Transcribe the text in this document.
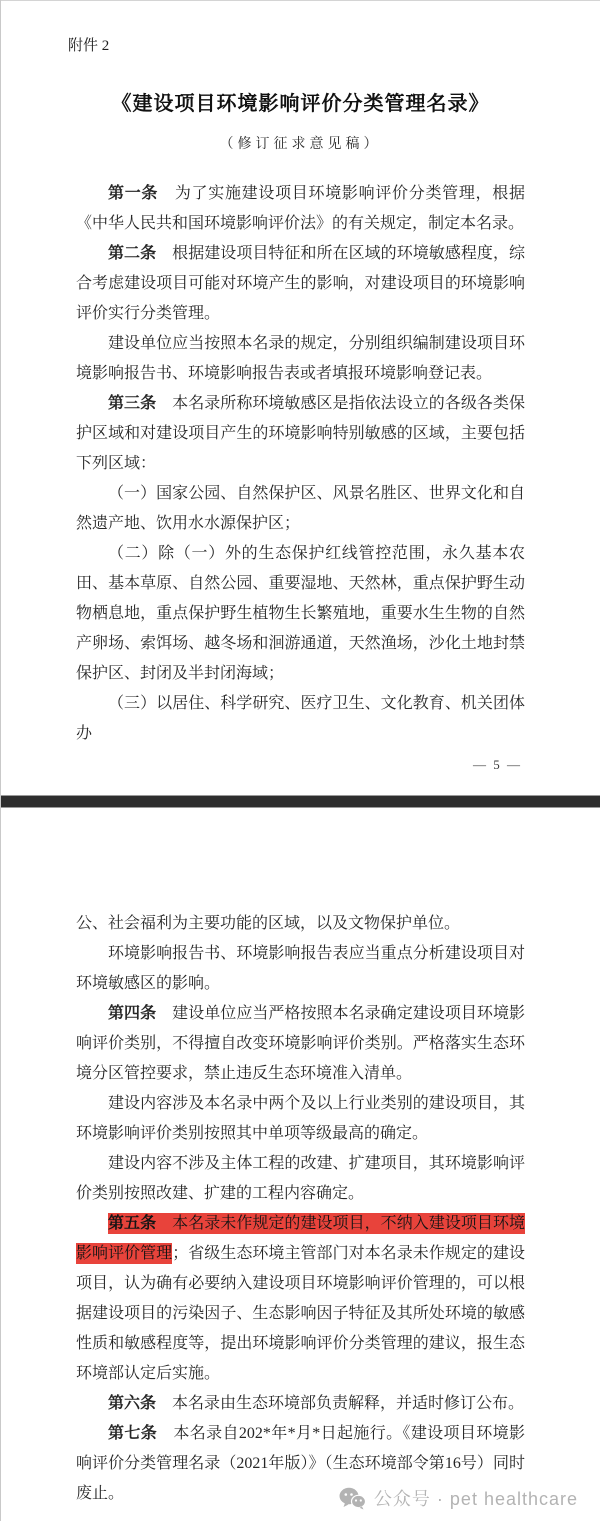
附件 2
《建设项目环境影响评价分类管理名录》
（修订征求意见稿）

第一条　为了实施建设项目环境影响评价分类管理，根据《中华人民共和国环境影响评价法》的有关规定，制定本名录。

第二条　根据建设项目特征和所在区域的环境敏感程度，综合考虑建设项目可能对环境产生的影响，对建设项目的环境影响评价实行分类管理。

建设单位应当按照本名录的规定，分别组织编制建设项目环境影响报告书、环境影响报告表或者填报环境影响登记表。

第三条　本名录所称环境敏感区是指依法设立的各级各类保护区域和对建设项目产生的环境影响特别敏感的区域，主要包括下列区域：

（一）国家公园、自然保护区、风景名胜区、世界文化和自然遗产地、饮用水水源保护区；

（二）除（一）外的生态保护红线管控范围，永久基本农田、基本草原、自然公园、重要湿地、天然林，重点保护野生动物栖息地，重点保护野生植物生长繁殖地，重要水生生物的自然产卵场、索饵场、越冬场和洄游通道，天然渔场，沙化土地封禁保护区、封闭及半封闭海域；

（三）以居住、科学研究、医疗卫生、文化教育、机关团体办

— 5 —

公、社会福利为主要功能的区域，以及文物保护单位。

环境影响报告书、环境影响报告表应当重点分析建设项目对环境敏感区的影响。

第四条　建设单位应当严格按照本名录确定建设项目环境影响评价类别，不得擅自改变环境影响评价类别。严格落实生态环境分区管控要求，禁止违反生态环境准入清单。

建设内容涉及本名录中两个及以上行业类别的建设项目，其环境影响评价类别按照其中单项等级最高的确定。

建设内容不涉及主体工程的改建、扩建项目，其环境影响评价类别按照改建、扩建的工程内容确定。

第五条　本名录未作规定的建设项目，不纳入建设项目环境影响评价管理；省级生态环境主管部门对本名录未作规定的建设项目，认为确有必要纳入建设项目环境影响评价管理的，可以根据建设项目的污染因子、生态影响因子特征及其所处环境的敏感性质和敏感程度等，提出环境影响评价分类管理的建议，报生态环境部认定后实施。

第六条　本名录由生态环境部负责解释，并适时修订公布。

第七条　本名录自202*年*月*日起施行。《建设项目环境影响评价分类管理名录（2021年版）》（生态环境部令第16号）同时废止。	公众号 · pet healthcare
